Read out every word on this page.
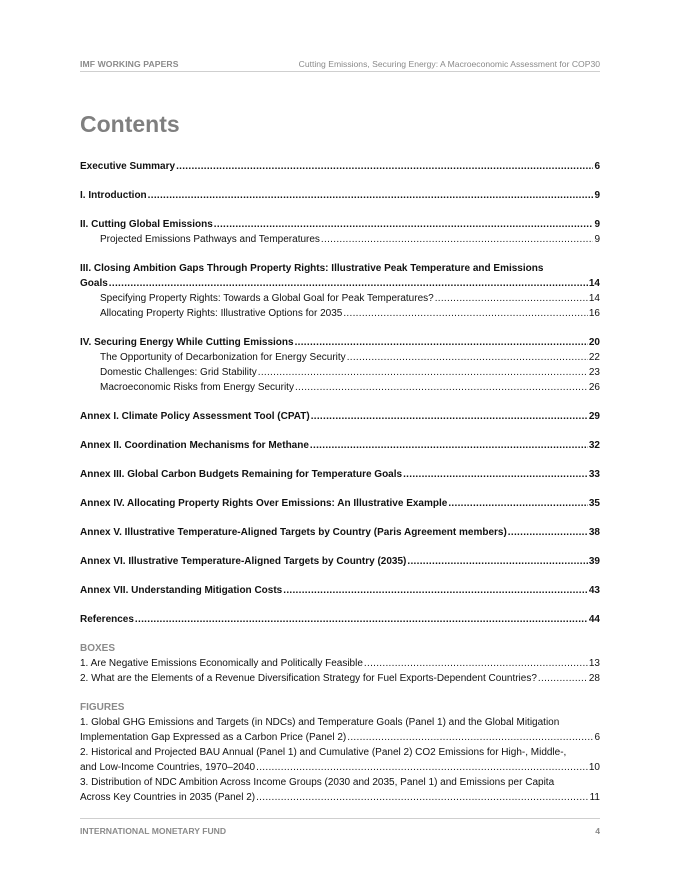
IMF WORKING PAPERS	Cutting Emissions, Securing Energy: A Macroeconomic Assessment for COP30
Contents
Executive Summary .....	6
I. Introduction .....	9
II. Cutting Global Emissions .....	9
Projected Emissions Pathways and Temperatures .....	9
III. Closing Ambition Gaps Through Property Rights: Illustrative Peak Temperature and Emissions
Goals .....	14
Specifying Property Rights: Towards a Global Goal for Peak Temperatures? .....	14
Allocating Property Rights: Illustrative Options for 2035 .....	16
IV. Securing Energy While Cutting Emissions .....	20
The Opportunity of Decarbonization for Energy Security .....	22
Domestic Challenges: Grid Stability .....	23
Macroeconomic Risks from Energy Security .....	26
Annex I. Climate Policy Assessment Tool (CPAT) .....	29
Annex II. Coordination Mechanisms for Methane .....	32
Annex III. Global Carbon Budgets Remaining for Temperature Goals .....	33
Annex IV. Allocating Property Rights Over Emissions: An Illustrative Example .....	35
Annex V. Illustrative Temperature-Aligned Targets by Country (Paris Agreement members) .....	38
Annex VI. Illustrative Temperature-Aligned Targets by Country (2035) .....	39
Annex VII. Understanding Mitigation Costs .....	43
References .....	44
BOXES
1. Are Negative Emissions Economically and Politically Feasible .....	13
2. What are the Elements of a Revenue Diversification Strategy for Fuel Exports-Dependent Countries? .....	28
FIGURES
1. Global GHG Emissions and Targets (in NDCs) and Temperature Goals (Panel 1) and the Global Mitigation
Implementation Gap Expressed as a Carbon Price (Panel 2) .....	6
2. Historical and Projected BAU Annual (Panel 1) and Cumulative (Panel 2) CO2 Emissions for High-, Middle-,
and Low-Income Countries, 1970–2040 .....	10
3. Distribution of NDC Ambition Across Income Groups (2030 and 2035, Panel 1) and Emissions per Capita
Across Key Countries in 2035 (Panel 2) .....	11
INTERNATIONAL MONETARY FUND	4
